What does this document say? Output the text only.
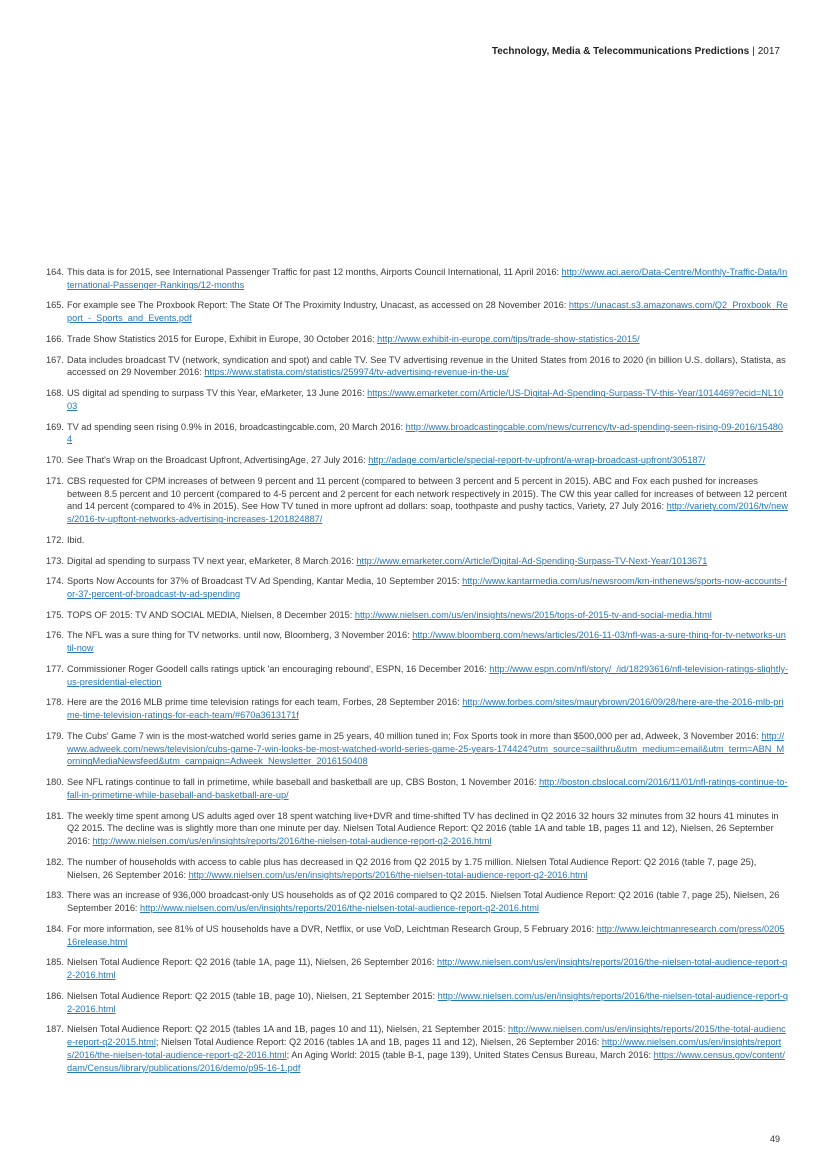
Technology, Media & Telecommunications Predictions | 2017
164. This data is for 2015, see International Passenger Traffic for past 12 months, Airports Council International, 11 April 2016: http://www.aci.aero/Data-Centre/Monthly-Traffic-Data/International-Passenger-Rankings/12-months
165. For example see The Proxbook Report: The State Of The Proximity Industry, Unacast, as accessed on 28 November 2016: https://unacast.s3.amazonaws.com/Q2_Proxbook_Report_-_Sports_and_Events.pdf
166. Trade Show Statistics 2015 for Europe, Exhibit in Europe, 30 October 2016: http://www.exhibit-in-europe.com/tips/trade-show-statistics-2015/
167. Data includes broadcast TV (network, syndication and spot) and cable TV. See TV advertising revenue in the United States from 2016 to 2020 (in billion U.S. dollars), Statista, as accessed on 29 November 2016: https://www.statista.com/statistics/259974/tv-advertising-revenue-in-the-us/
168. US digital ad spending to surpass TV this Year, eMarketer, 13 June 2016: https://www.emarketer.com/Article/US-Digital-Ad-Spending-Surpass-TV-this-Year/1014469?ecid=NL1003
169. TV ad spending seen rising 0.9% in 2016, broadcastingcable.com, 20 March 2016: http://www.broadcastingcable.com/news/currency/tv-ad-spending-seen-rising-09-2016/154804
170. See That's Wrap on the Broadcast Upfront, AdvertisingAge, 27 July 2016: http://adage.com/article/special-report-tv-upfront/a-wrap-broadcast-upfront/305187/
171. CBS requested for CPM increases of between 9 percent and 11 percent (compared to between 3 percent and 5 percent in 2015). ABC and Fox each pushed for increases between 8.5 percent and 10 percent (compared to 4-5 percent and 2 percent for each network respectively in 2015). The CW this year called for increases of between 12 percent and 14 percent (compared to 4% in 2015). See How TV tuned in more upfront ad dollars: soap, toothpaste and pushy tactics, Variety, 27 July 2016: http://variety.com/2016/tv/news/2016-tv-upftont-networks-advertising-increases-1201824887/
172. Ibid.
173. Digital ad spending to surpass TV next year, eMarketer, 8 March 2016: http://www.emarketer.com/Article/Digital-Ad-Spending-Surpass-TV-Next-Year/1013671
174. Sports Now Accounts for 37% of Broadcast TV Ad Spending, Kantar Media, 10 September 2015: http://www.kantarmedia.com/us/newsroom/km-inthenews/sports-now-accounts-for-37-percent-of-broadcast-tv-ad-spending
175. TOPS OF 2015: TV AND SOCIAL MEDIA, Nielsen, 8 December 2015: http://www.nielsen.com/us/en/insights/news/2015/tops-of-2015-tv-and-social-media.html
176. The NFL was a sure thing for TV networks. until now, Bloomberg, 3 November 2016: http://www.bloomberg.com/news/articles/2016-11-03/nfl-was-a-sure-thing-for-tv-networks-until-now
177. Commissioner Roger Goodell calls ratings uptick 'an encouraging rebound', ESPN, 16 December 2016: http://www.espn.com/nfl/story/_/id/18293616/nfl-television-ratings-slightly-us-presidential-election
178. Here are the 2016 MLB prime time television ratings for each team, Forbes, 28 September 2016: http://www.forbes.com/sites/maurybrown/2016/09/28/here-are-the-2016-mlb-prime-time-television-ratings-for-each-team/#670a3613171f
179. The Cubs' Game 7 win is the most-watched world series game in 25 years, 40 million tuned in; Fox Sports took in more than $500,000 per ad, Adweek, 3 November 2016: http://www.adweek.com/news/television/cubs-game-7-win-looks-be-most-watched-world-series-game-25-years-174424?utm_source=sailthru&utm_medium=email&utm_term=ABN_MorningMediaNewsfeed&utm_campaign=Adweek_Newsletter_2016150408
180. See NFL ratings continue to fall in primetime, while baseball and basketball are up, CBS Boston, 1 November 2016: http://boston.cbslocal.com/2016/11/01/nfl-ratings-continue-to-fall-in-primetime-while-baseball-and-basketball-are-up/
181. The weekly time spent among US adults aged over 18 spent watching live+DVR and time-shifted TV has declined in Q2 2016 32 hours 32 minutes from 32 hours 41 minutes in Q2 2015. The decline was is slightly more than one minute per day. Nielsen Total Audience Report: Q2 2016 (table 1A and table 1B, pages 11 and 12), Nielsen, 26 September 2016: http://www.nielsen.com/us/en/insights/reports/2016/the-nielsen-total-audience-report-q2-2016.html
182. The number of households with access to cable plus has decreased in Q2 2016 from Q2 2015 by 1.75 million. Nielsen Total Audience Report: Q2 2016 (table 7, page 25), Nielsen, 26 September 2016: http://www.nielsen.com/us/en/insights/reports/2016/the-nielsen-total-audience-report-q2-2016.html
183. There was an increase of 936,000 broadcast-only US households as of Q2 2016 compared to Q2 2015. Nielsen Total Audience Report: Q2 2016 (table 7, page 25), Nielsen, 26 September 2016: http://www.nielsen.com/us/en/insights/reports/2016/the-nielsen-total-audience-report-q2-2016.html
184. For more information, see 81% of US households have a DVR, Netflix, or use VoD, Leichtman Research Group, 5 February 2016: http://www.leichtmanresearch.com/press/020516release.html
185. Nielsen Total Audience Report: Q2 2016 (table 1A, page 11), Nielsen, 26 September 2016: http://www.nielsen.com/us/en/insights/reports/2016/the-nielsen-total-audience-report-q2-2016.html
186. Nielsen Total Audience Report: Q2 2015 (table 1B, page 10), Nielsen, 21 September 2015: http://www.nielsen.com/us/en/insights/reports/2016/the-nielsen-total-audience-report-q2-2016.html
187. Nielsen Total Audience Report: Q2 2015 (tables 1A and 1B, pages 10 and 11), Nielsen, 21 September 2015: http://www.nielsen.com/us/en/insights/reports/2015/the-total-audience-report-q2-2015.html; Nielsen Total Audience Report: Q2 2016 (tables 1A and 1B, pages 11 and 12), Nielsen, 26 September 2016: http://www.nielsen.com/us/en/insights/reports/2016/the-nielsen-total-audience-report-q2-2016.html; An Aging World: 2015 (table B-1, page 139), United States Census Bureau, March 2016: https://www.census.gov/content/dam/Census/library/publications/2016/demo/p95-16-1.pdf
49
